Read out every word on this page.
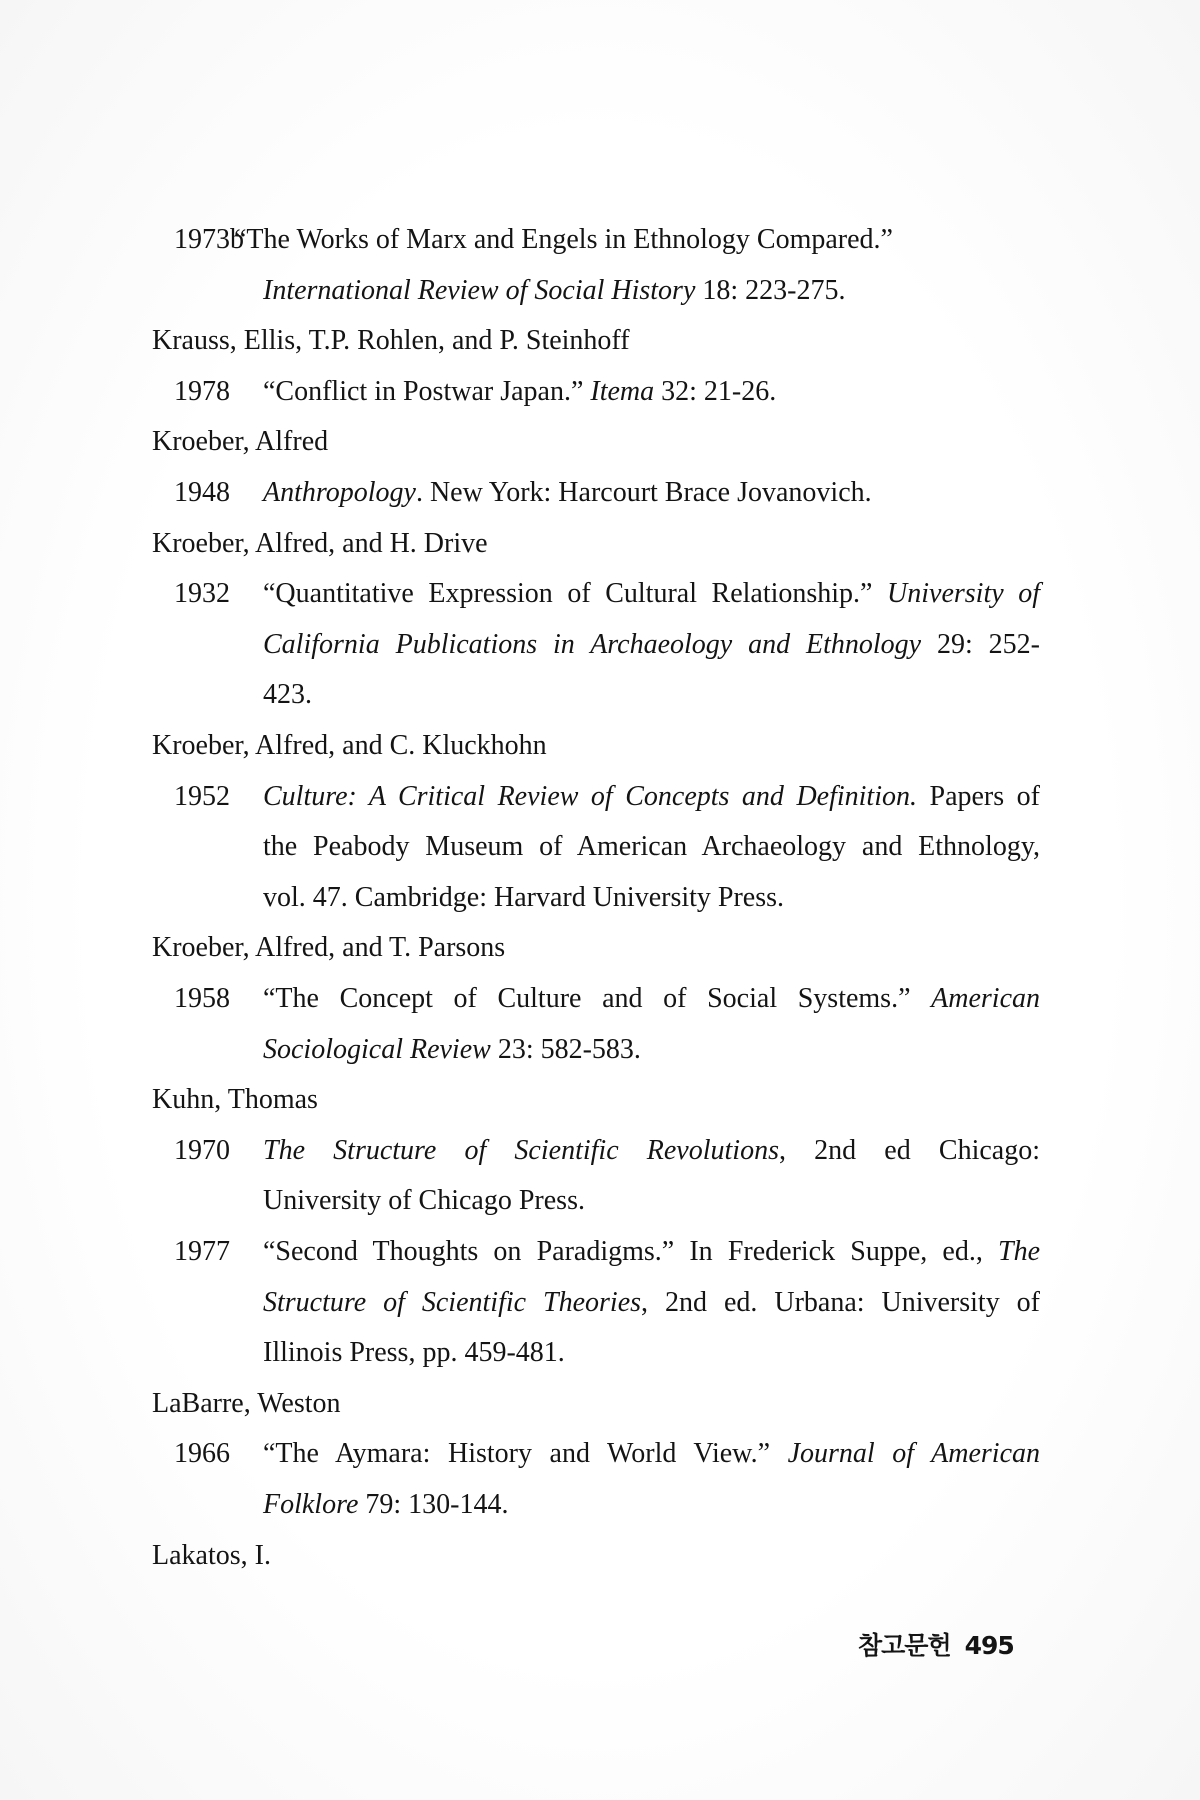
참고문헌 495
1973b
“The Works of Marx and Engels in Ethnology Compared.”
International Review of Social History 18: 223-275.
Krauss, Ellis, T.P. Rohlen, and P. Steinhoff
1978 “Conflict in Postwar Japan.” Itema 32: 21-26.
Kroeber, Alfred
1948 Anthropology. New York: Harcourt Brace Jovanovich.
Kroeber, Alfred, and H. Drive
1932 “Quantitative Expression of Cultural Relationship.” University of
California Publications in Archaeology and Ethnology 29: 252-
423.
Kroeber, Alfred, and C. Kluckhohn
1952 Culture: A Critical Review of Concepts and Definition. Papers of
the Peabody Museum of American Archaeology and Ethnology,
vol. 47. Cambridge: Harvard University Press.
Kroeber, Alfred, and T. Parsons
1958 “The Concept of Culture and of Social Systems.” American
Sociological Review 23: 582-583.
Kuhn, Thomas
1970 The Structure of Scientific Revolutions, 2nd ed Chicago:
University of Chicago Press.
1977 “Second Thoughts on Paradigms.” In Frederick Suppe, ed., The
Structure of Scientific Theories, 2nd ed. Urbana: University of
Illinois Press, pp. 459-481.
LaBarre, Weston
1966 “The Aymara: History and World View.” Journal of American
Folklore 79: 130-144.
Lakatos, I.
